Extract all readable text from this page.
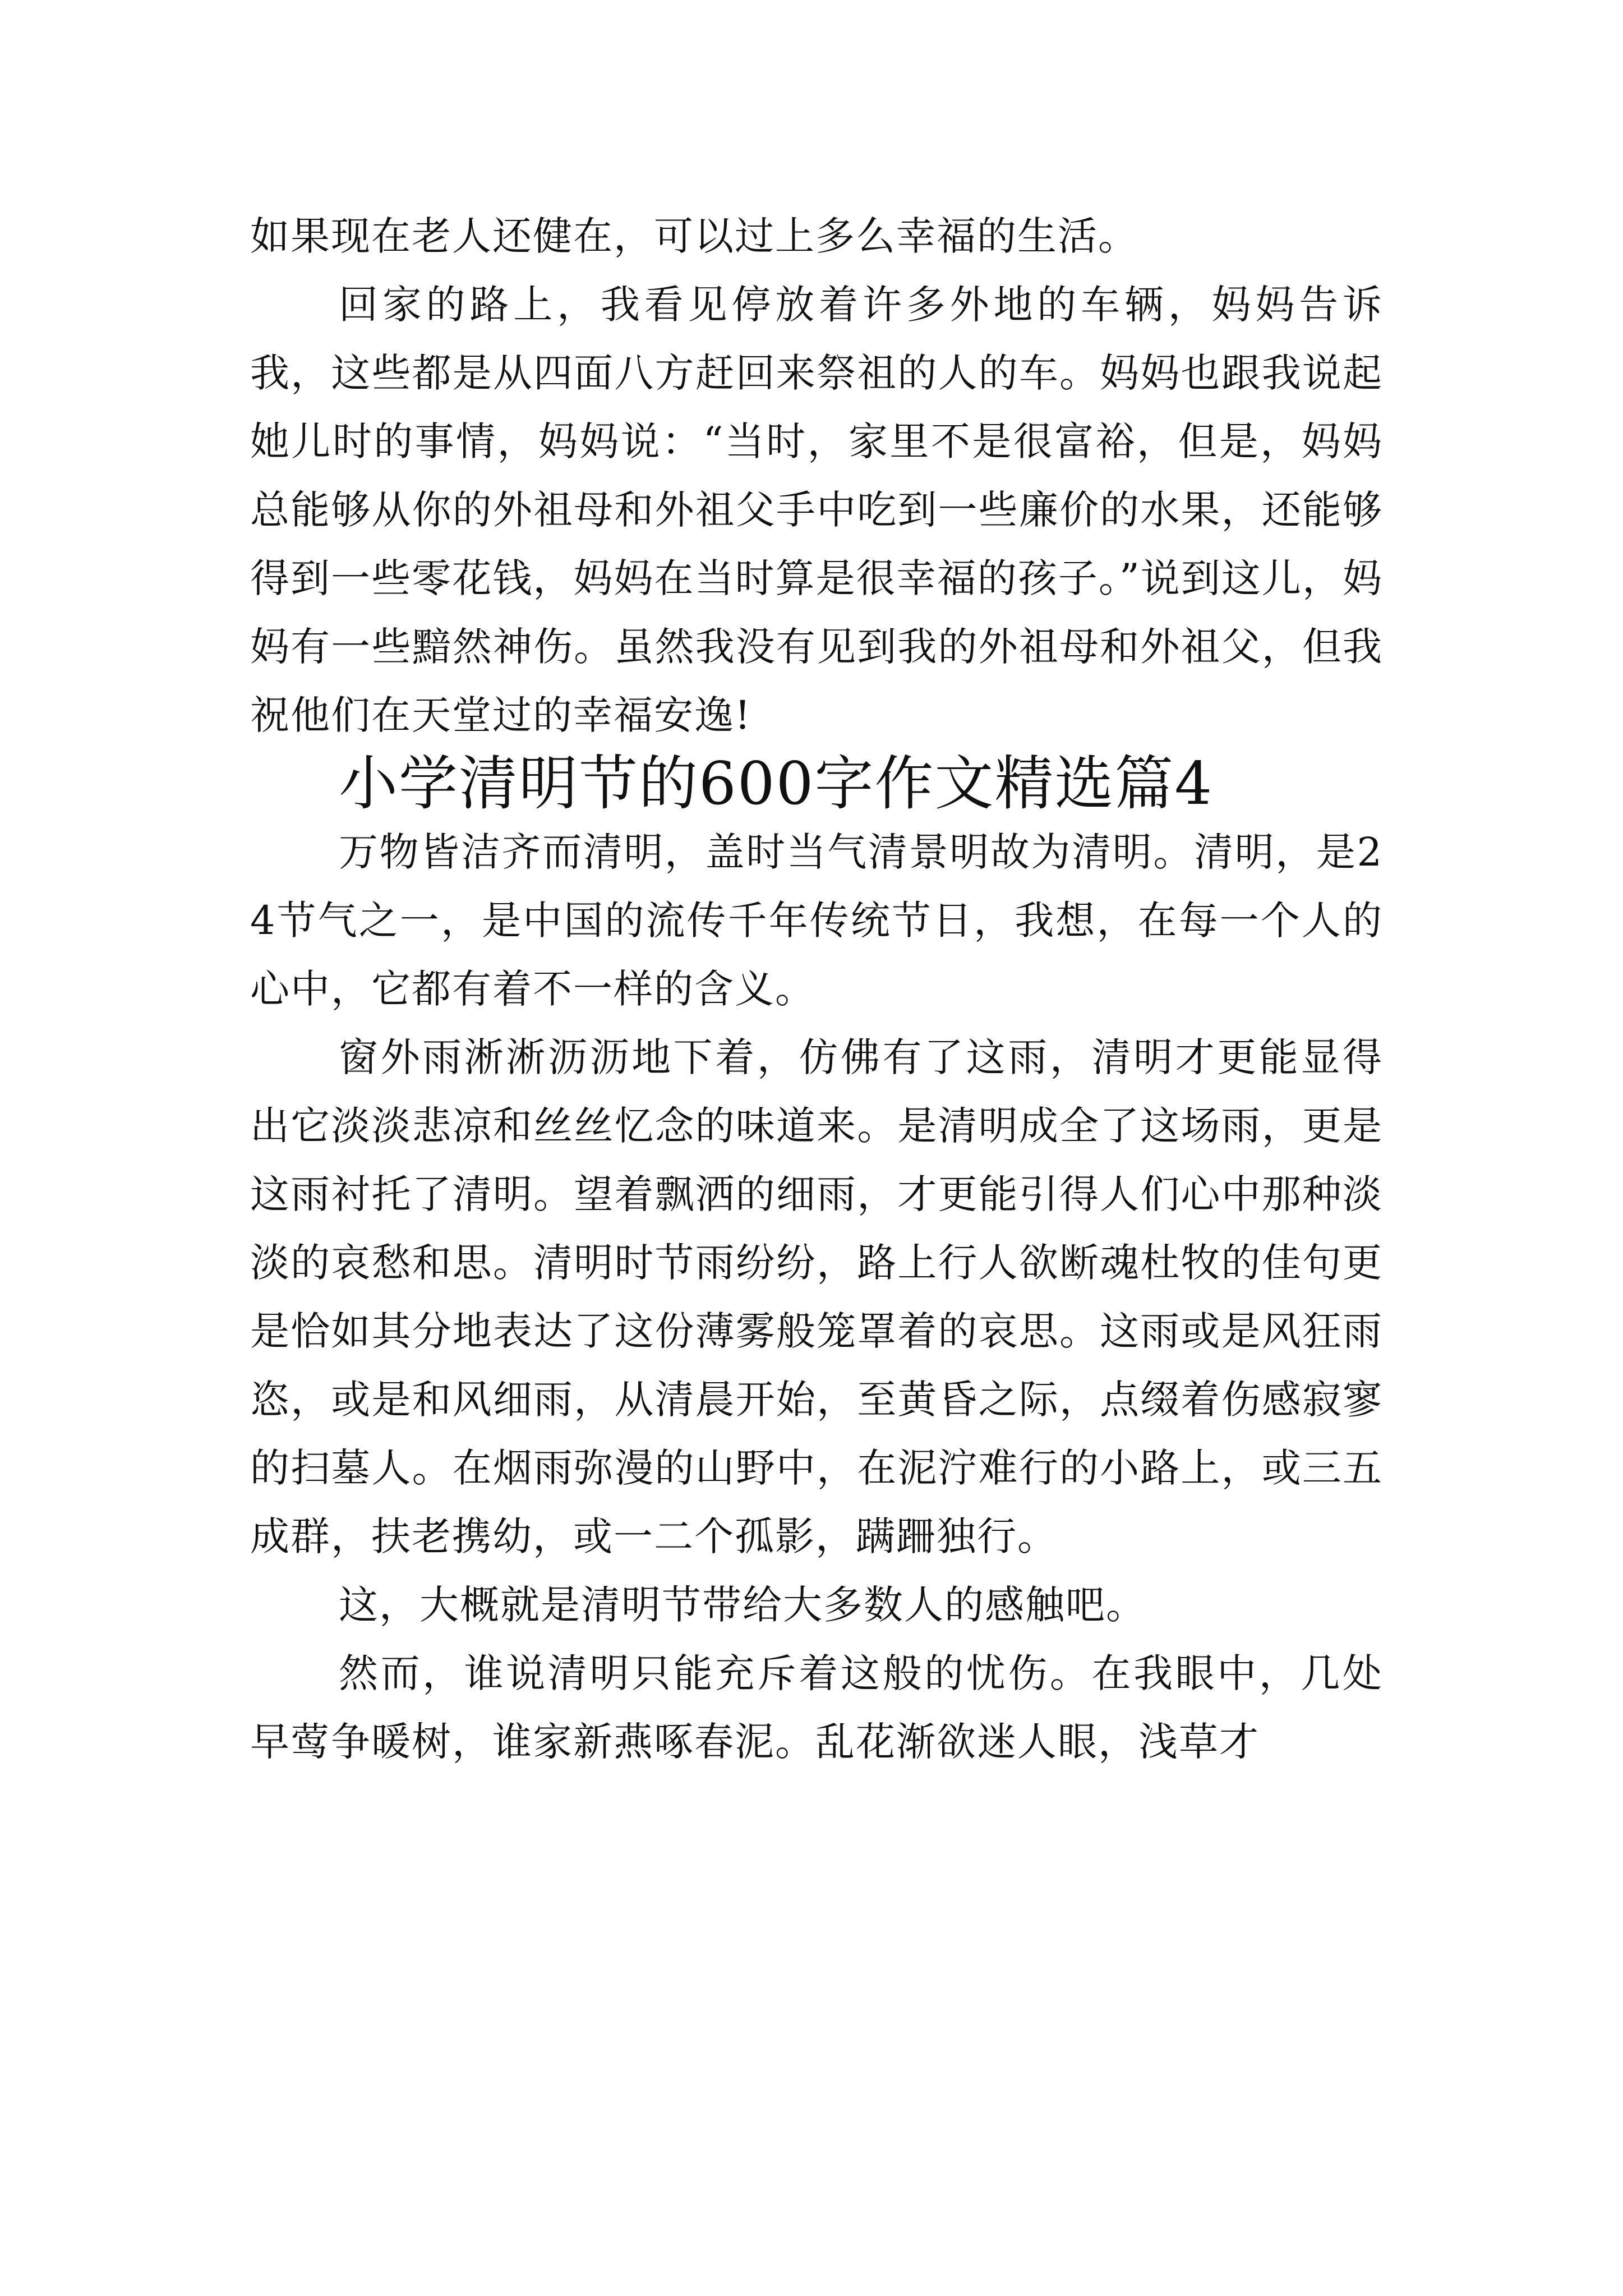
如果现在老人还健在，可以过上多么幸福的生活。

回家的路上，我看见停放着许多外地的车辆，妈妈告诉我，这些都是从四面八方赶回来祭祖的人的车。妈妈也跟我说起她儿时的事情，妈妈说：“当时，家里不是很富裕，但是，妈妈总能够从你的外祖母和外祖父手中吃到一些廉价的水果，还能够得到一些零花钱，妈妈在当时算是很幸福的孩子。”说到这儿，妈妈有一些黯然神伤。虽然我没有见到我的外祖母和外祖父，但我祝他们在天堂过的幸福安逸!

小学清明节的600字作文精选篇4

万物皆洁齐而清明，盖时当气清景明故为清明。清明，是24节气之一，是中国的流传千年传统节日，我想，在每一个人的心中，它都有着不一样的含义。

窗外雨淅淅沥沥地下着，仿佛有了这雨，清明才更能显得出它淡淡悲凉和丝丝忆念的味道来。是清明成全了这场雨，更是这雨衬托了清明。望着飘洒的细雨，才更能引得人们心中那种淡淡的哀愁和思。清明时节雨纷纷，路上行人欲断魂杜牧的佳句更是恰如其分地表达了这份薄雾般笼罩着的哀思。这雨或是风狂雨恣，或是和风细雨，从清晨开始，至黄昏之际，点缀着伤感寂寥的扫墓人。在烟雨弥漫的山野中，在泥泞难行的小路上，或三五成群，扶老携幼，或一二个孤影，蹒跚独行。

这，大概就是清明节带给大多数人的感触吧。

然而，谁说清明只能充斥着这般的忧伤。在我眼中，几处早莺争暖树，谁家新燕啄春泥。乱花渐欲迷人眼，浅草才
